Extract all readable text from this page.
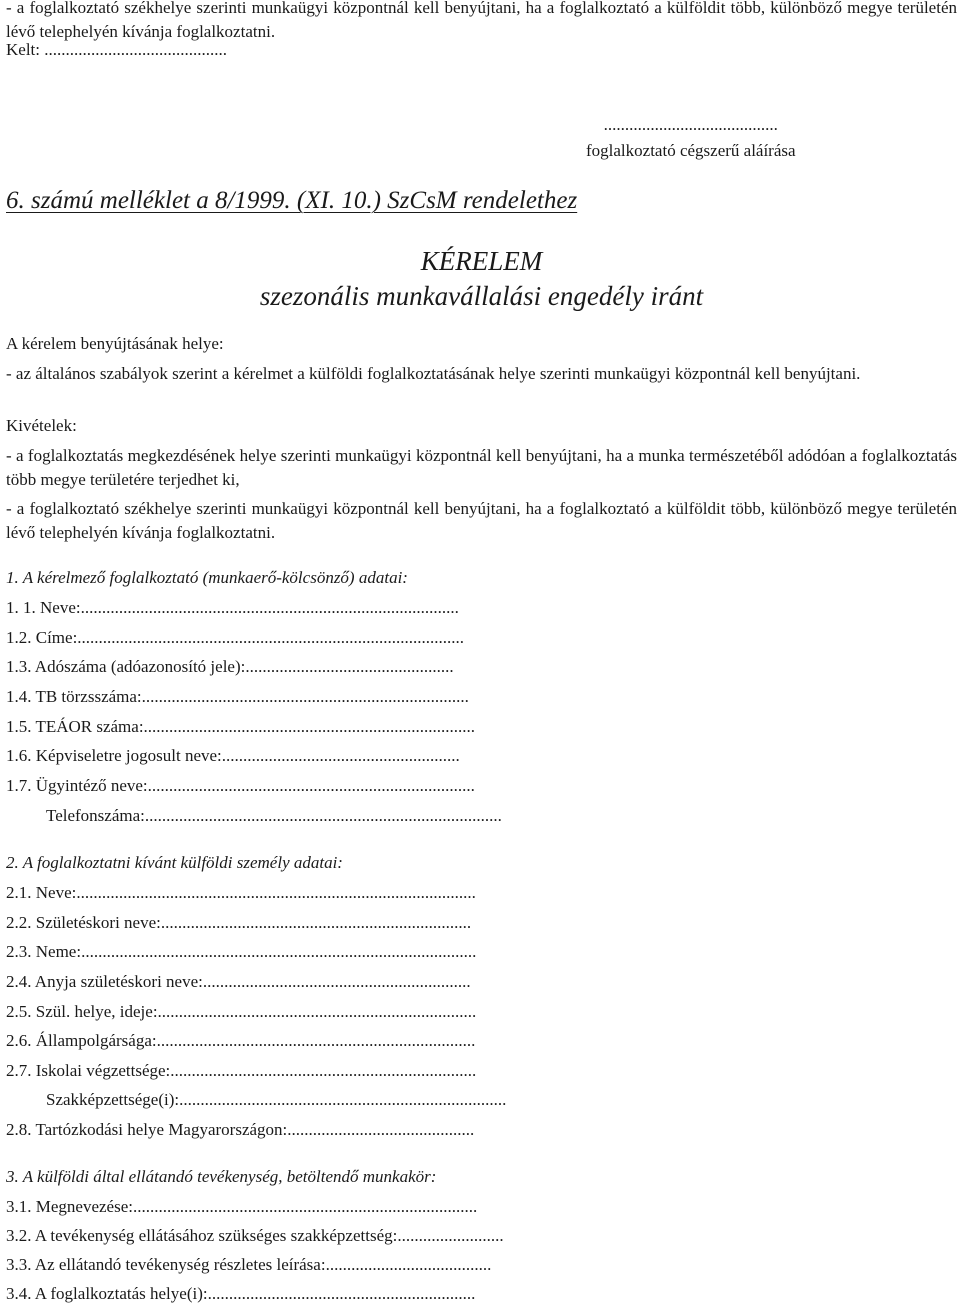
- a foglalkoztató székhelye szerinti munkaügyi központnál kell benyújtani, ha a foglalkoztató a külföldit több, különböző megye területén lévő telephelyén kívánja foglalkoztatni.

Kelt: ...........................................
.........................................
foglalkoztató cégszerű aláírása
6. számú melléklet a 8/1999. (XI. 10.) SzCsM rendelethez
KÉRELEM
szezonális munkavállalási engedély iránt
A kérelem benyújtásának helye:

- az általános szabályok szerint a kérelmet a külföldi foglalkoztatásának helye szerinti munkaügyi központnál kell benyújtani.

Kivételek:

- a foglalkoztatás megkezdésének helye szerinti munkaügyi központnál kell benyújtani, ha a munka természetéből adódóan a foglalkoztatás több megye területére terjedhet ki,

- a foglalkoztató székhelye szerinti munkaügyi központnál kell benyújtani, ha a foglalkoztató a külföldit több, különböző megye területén lévő telephelyén kívánja foglalkoztatni.

1. A kérelmező foglalkoztató (munkaerő-kölcsönző) adatai:
1. 1. Neve:.........................................................................................
1.2. Címe:...........................................................................................
1.3. Adószáma (adóazonosító jele):.................................................
1.4. TB törzsszáma:.............................................................................
1.5. TEÁOR száma:..............................................................................
1.6. Képviseletre jogosult neve:........................................................
1.7. Ügyintéző neve:.............................................................................
Telefonszáma:....................................................................................
2. A foglalkoztatni kívánt külföldi személy adatai:
2.1. Neve:..............................................................................................
2.2. Születéskori neve:.........................................................................
2.3. Neme:.............................................................................................
2.4. Anyja születéskori neve:...............................................................
2.5. Szül. helye, ideje:...........................................................................
2.6. Állampolgársága:...........................................................................
2.7. Iskolai végzettsége:........................................................................
Szakképzettsége(i):.............................................................................
2.8. Tartózkodási helye Magyarországon:............................................
3. A külföldi által ellátandó tevékenység, betöltendő munkakör:
3.1. Megnevezése:.................................................................................
3.2. A tevékenység ellátásához szükséges szakképzettség:.........................
3.3. Az ellátandó tevékenység részletes leírása:.......................................
3.4. A foglalkoztatás helye(i):...............................................................
